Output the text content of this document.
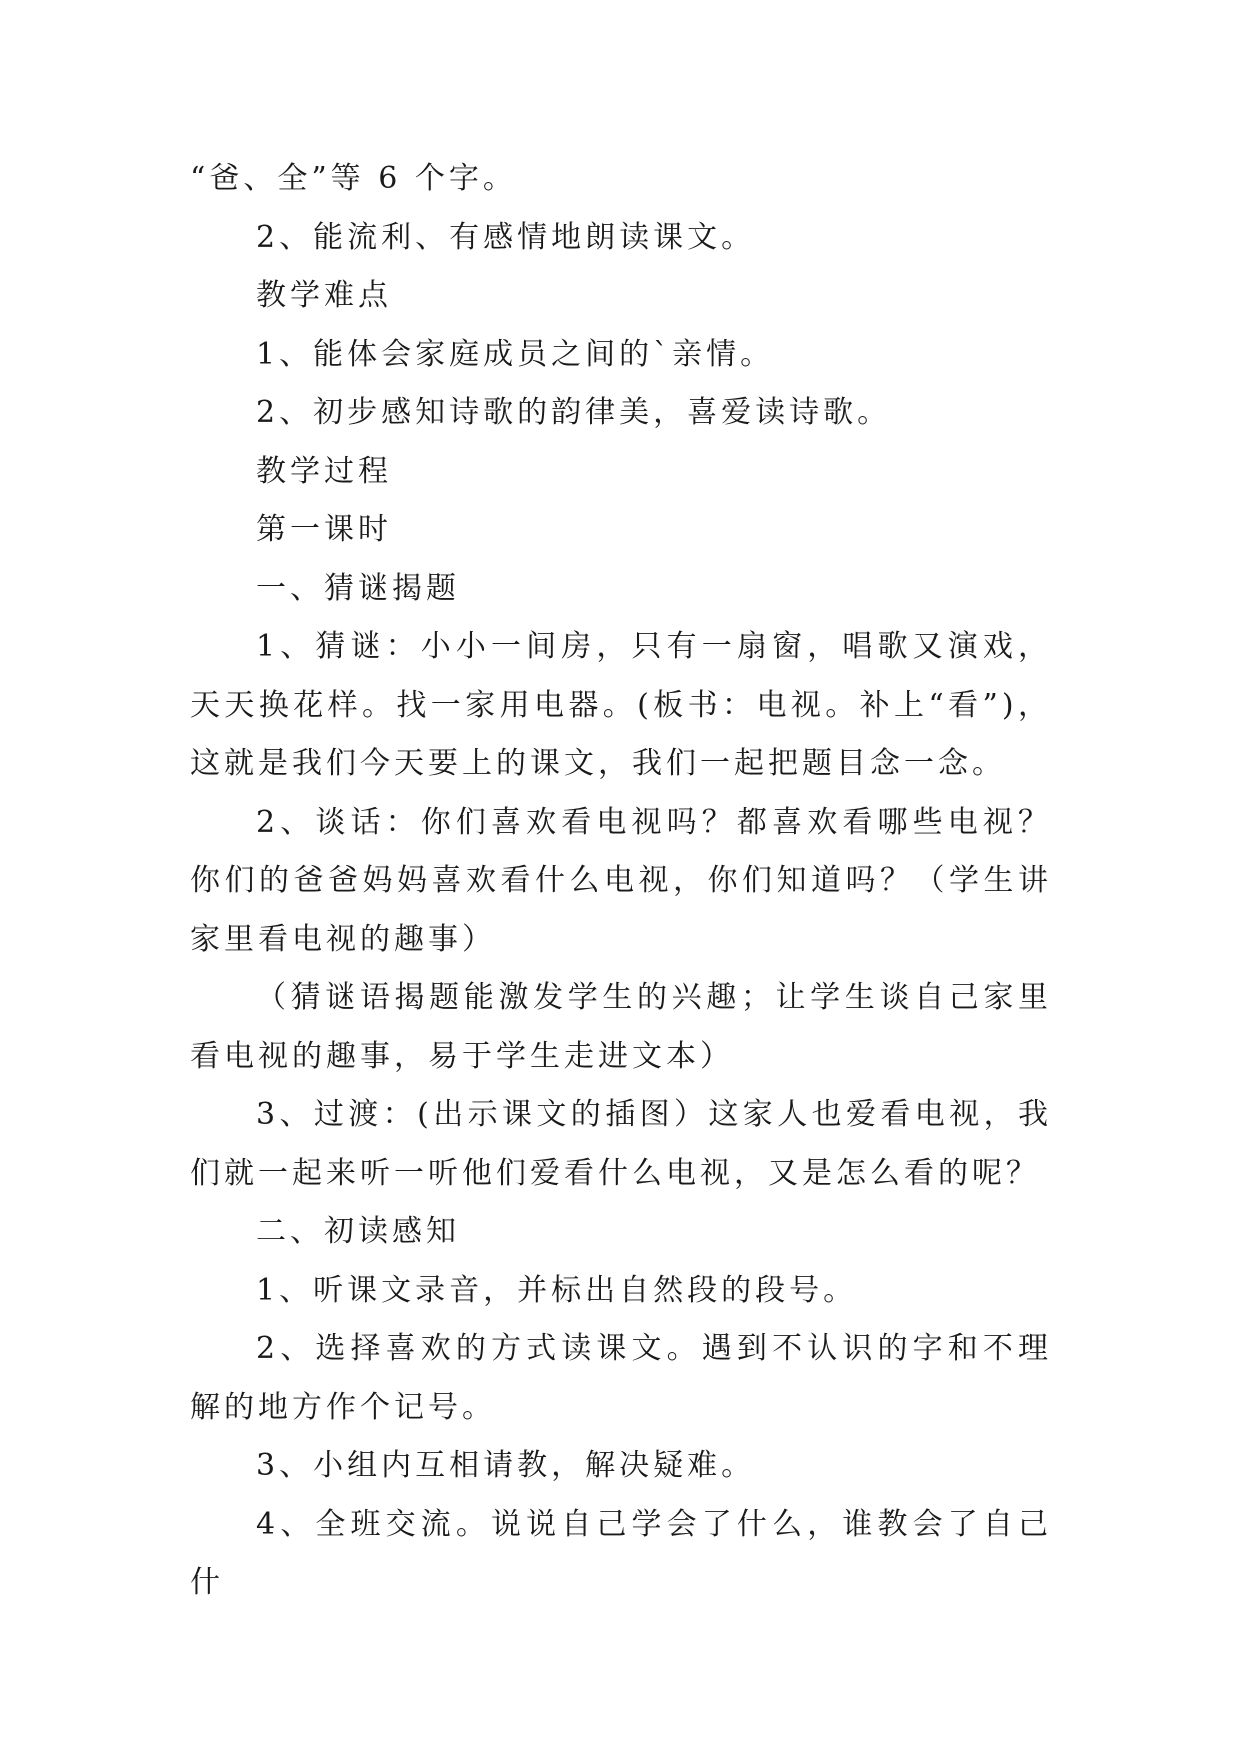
“爸、全”等 6 个字。

2、能流利、有感情地朗读课文。

教学难点

1、能体会家庭成员之间的`亲情。

2、初步感知诗歌的韵律美，喜爱读诗歌。

教学过程

第一课时

一、猜谜揭题

1、猜谜：小小一间房，只有一扇窗，唱歌又演戏，天天换花样。找一家用电器。(板书：电视。补上“看”)，这就是我们今天要上的课文，我们一起把题目念一念。

2、谈话：你们喜欢看电视吗？都喜欢看哪些电视？你们的爸爸妈妈喜欢看什么电视，你们知道吗？（学生讲家里看电视的趣事）

（猜谜语揭题能激发学生的兴趣；让学生谈自己家里看电视的趣事，易于学生走进文本）

3、过渡：(出示课文的插图）这家人也爱看电视，我们就一起来听一听他们爱看什么电视，又是怎么看的呢？

二、初读感知

1、听课文录音，并标出自然段的段号。

2、选择喜欢的方式读课文。遇到不认识的字和不理解的地方作个记号。

3、小组内互相请教，解决疑难。

4、全班交流。说说自己学会了什么，谁教会了自己什
